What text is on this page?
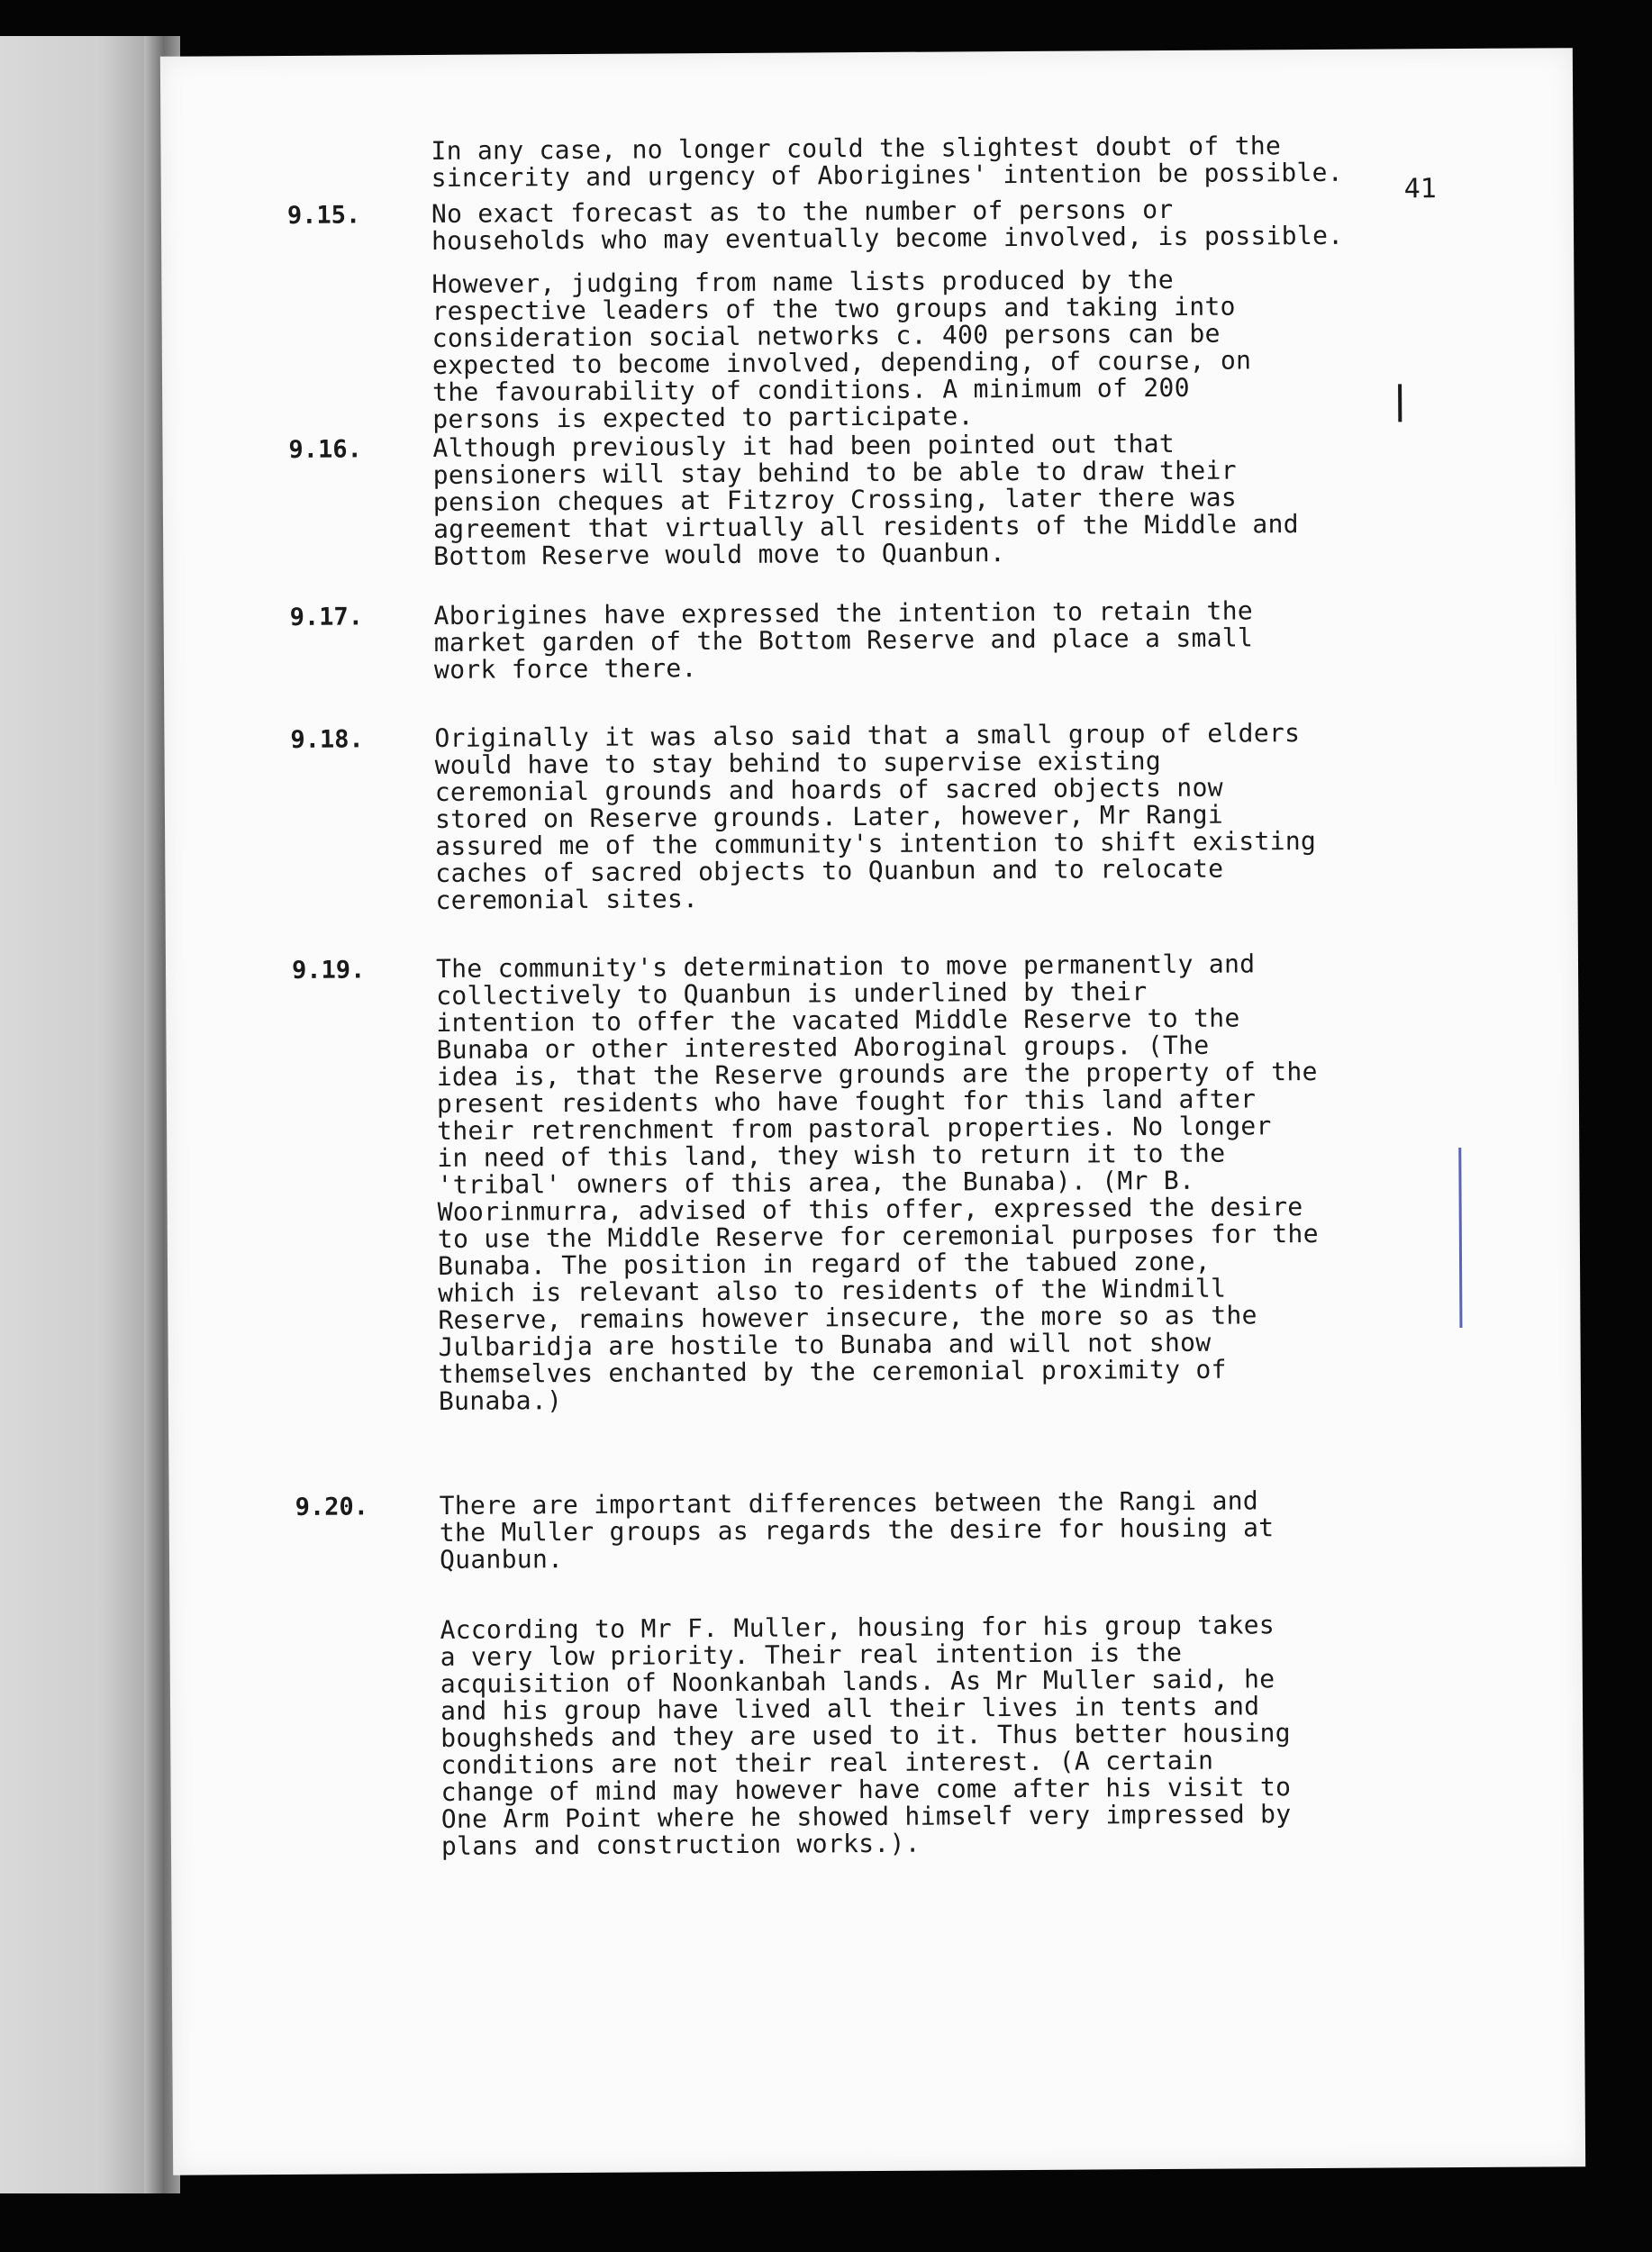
41
In any case, no longer could the slightest doubt of the
sincerity and urgency of Aborigines' intention be possible.
9.15.	No exact forecast as to the number of persons or
households who may eventually become involved, is possible.
However, judging from name lists produced by the
respective leaders of the two groups and taking into
consideration social networks c. 400 persons can be
expected to become involved, depending, of course, on
the favourability of conditions. A minimum of 200
persons is expected to participate.
9.16.	Although previously it had been pointed out that
pensioners will stay behind to be able to draw their
pension cheques at Fitzroy Crossing, later there was
agreement that virtually all residents of the Middle and
Bottom Reserve would move to Quanbun.
9.17.	Aborigines have expressed the intention to retain the
market garden of the Bottom Reserve and place a small
work force there.
9.18.	Originally it was also said that a small group of elders
would have to stay behind to supervise existing
ceremonial grounds and hoards of sacred objects now
stored on Reserve grounds. Later, however, Mr Rangi
assured me of the community's intention to shift existing
caches of sacred objects to Quanbun and to relocate
ceremonial sites.
9.19.	The community's determination to move permanently and
collectively to Quanbun is underlined by their
intention to offer the vacated Middle Reserve to the
Bunaba or other interested Aboroginal groups. (The
idea is, that the Reserve grounds are the property of the
present residents who have fought for this land after
their retrenchment from pastoral properties. No longer
in need of this land, they wish to return it to the
'tribal' owners of this area, the Bunaba). (Mr B.
Woorinmurra, advised of this offer, expressed the desire
to use the Middle Reserve for ceremonial purposes for the
Bunaba. The position in regard of the tabued zone,
which is relevant also to residents of the Windmill
Reserve, remains however insecure, the more so as the
Julbaridja are hostile to Bunaba and will not show
themselves enchanted by the ceremonial proximity of
Bunaba.)
9.20.	There are important differences between the Rangi and
the Muller groups as regards the desire for housing at
Quanbun.
According to Mr F. Muller, housing for his group takes
a very low priority. Their real intention is the
acquisition of Noonkanbah lands. As Mr Muller said, he
and his group have lived all their lives in tents and
boughsheds and they are used to it. Thus better housing
conditions are not their real interest. (A certain
change of mind may however have come after his visit to
One Arm Point where he showed himself very impressed by
plans and construction works.).
